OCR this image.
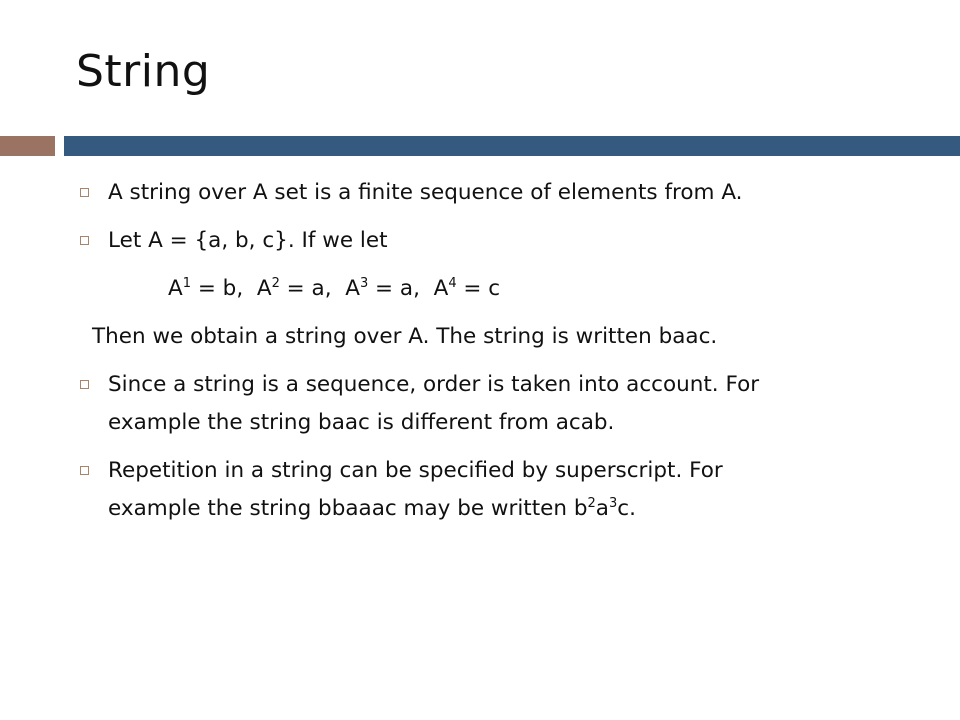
String
A string over A set is a finite sequence of elements from A.
Let A = {a, b, c}. If we let
$A^1 = b$, $A^2 = a$, $A^3 = a$, $A^4 = c$
Then we obtain a string over A. The string is written baac.
Since a string is a sequence, order is taken into account. For
example the string baac is different from acab.
Repetition in a string can be specified by superscript. For
example the string bbaaac may be written $b^2a^3c$.
